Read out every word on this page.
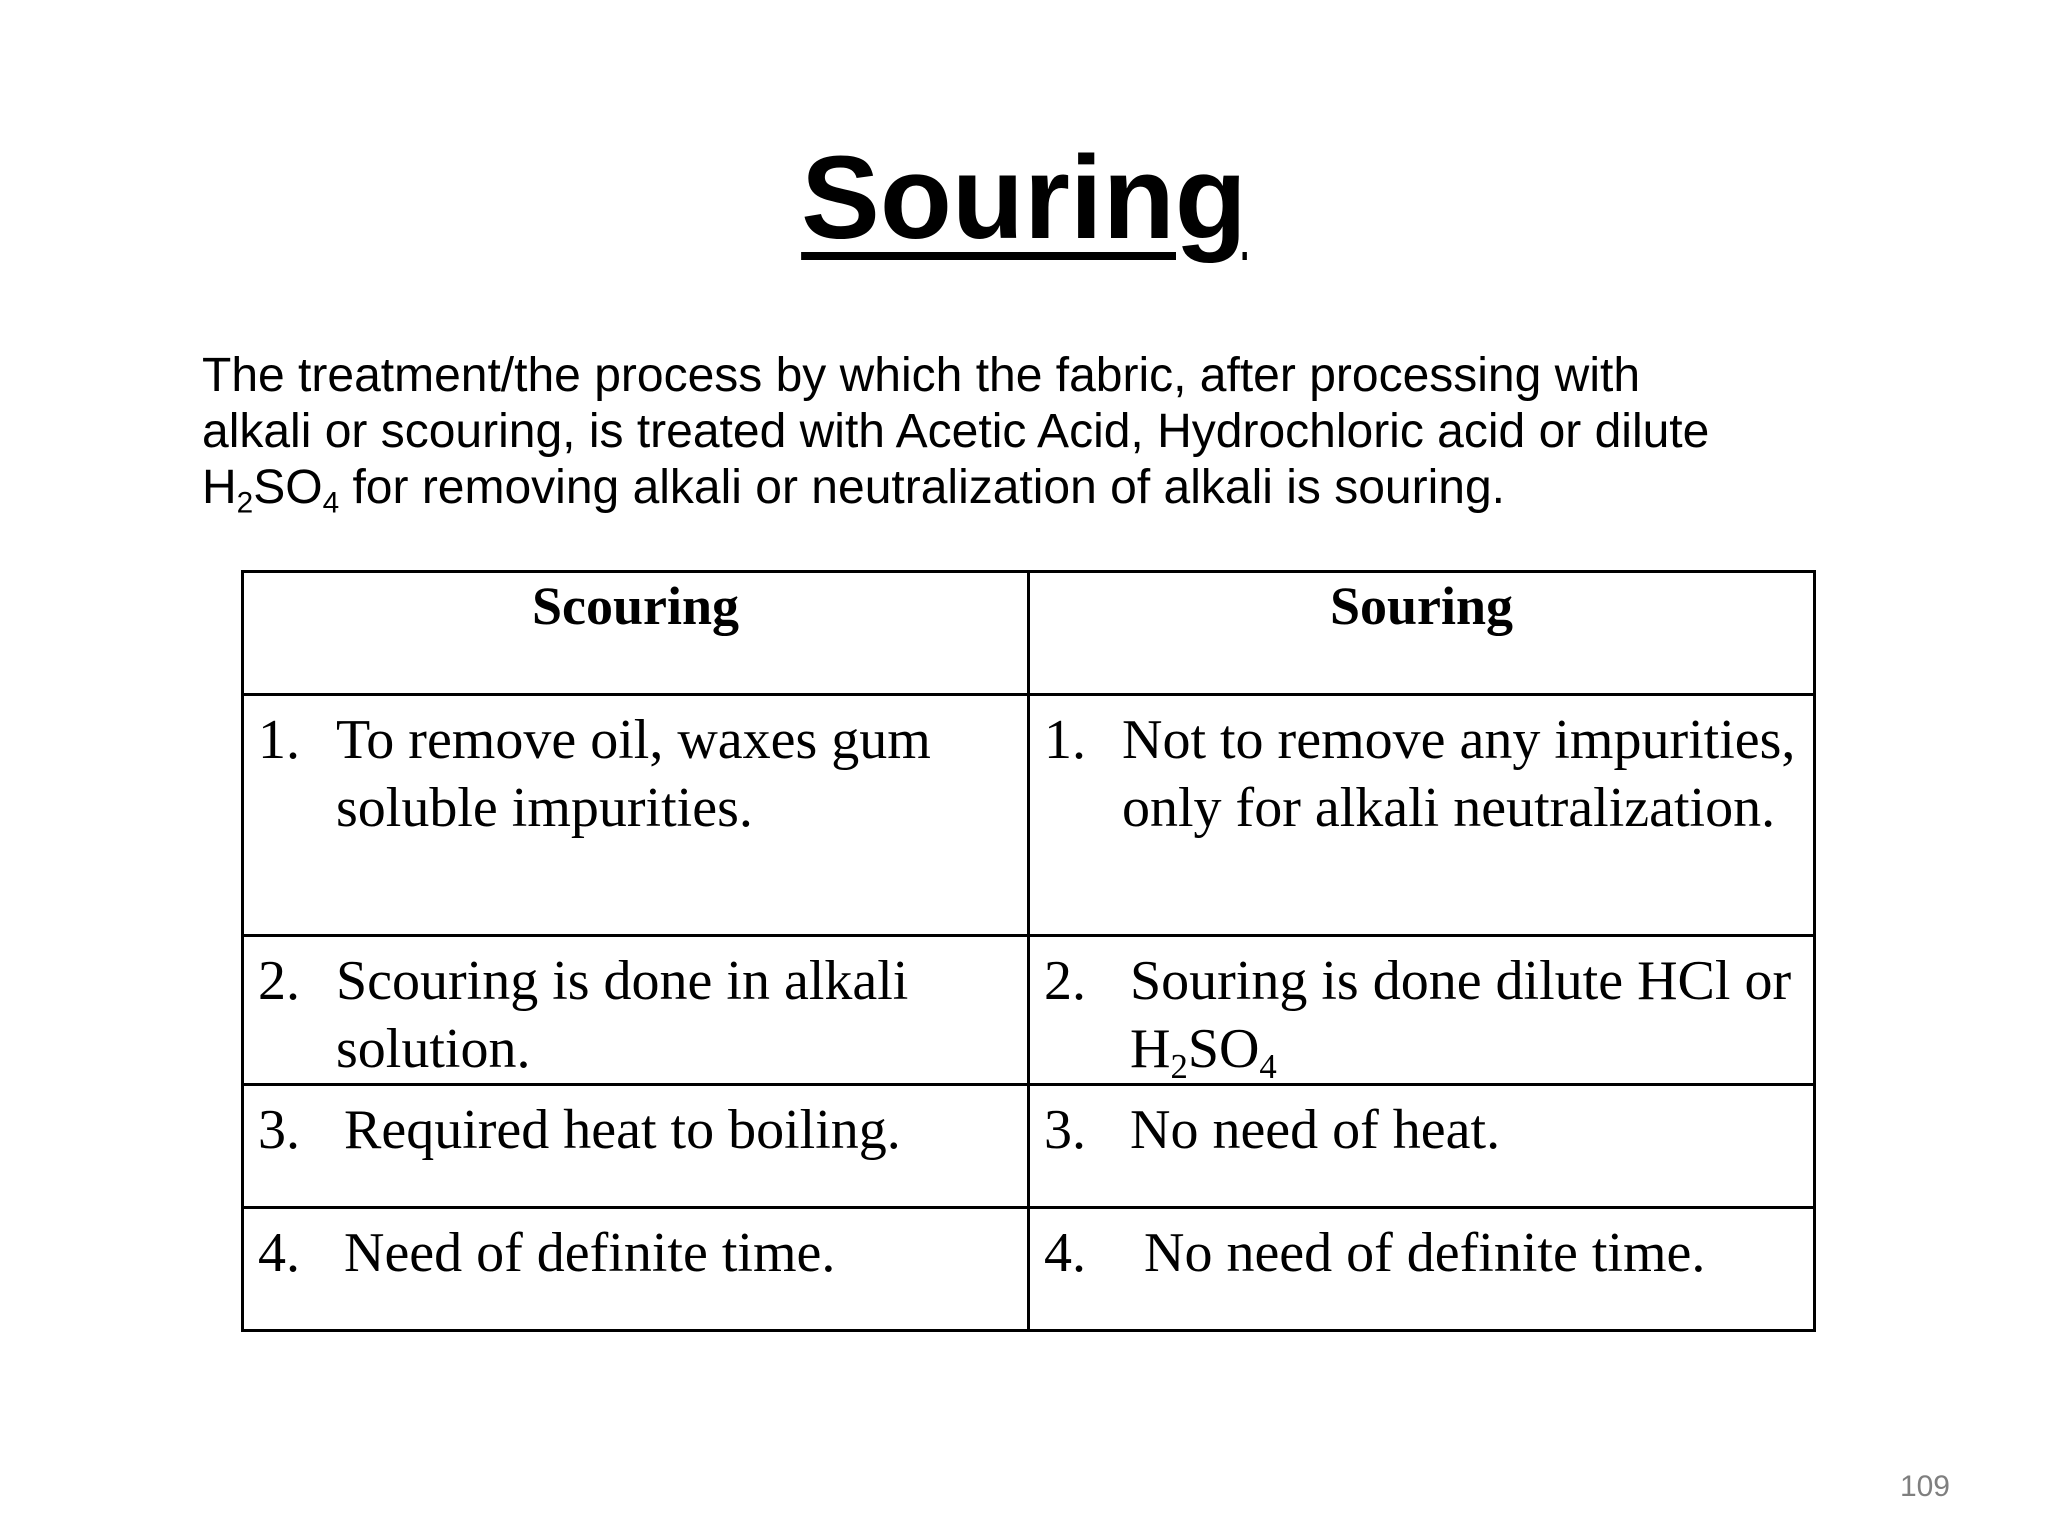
Souring
The treatment/the process by which the fabric, after processing with
alkali or scouring, is treated with Acetic Acid, Hydrochloric acid or dilute
$H_2SO_4$ for removing alkali or neutralization of alkali is souring.
Scouring	Souring

1. To remove oil, waxes gum soluble impurities.	1. Not to remove any impurities, only for alkali neutralization.

2. Scouring is done in alkali solution.	2. Souring is done dilute HCl or $H_2SO_4$

3. Required heat to boiling.	3. No need of heat.

4. Need of definite time.	4. No need of definite time.
109
